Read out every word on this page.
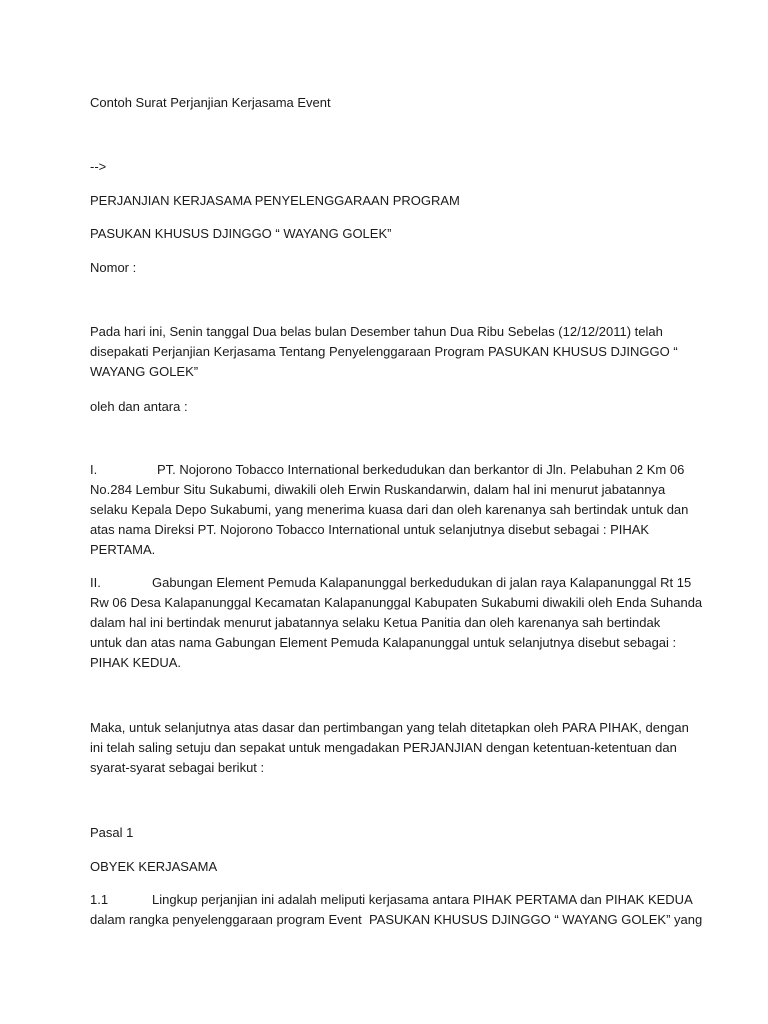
Contoh Surat Perjanjian Kerjasama Event
-->
PERJANJIAN KERJASAMA PENYELENGGARAAN PROGRAM
PASUKAN KHUSUS DJINGGO “ WAYANG GOLEK”
Nomor :
Pada hari ini, Senin tanggal Dua belas bulan Desember tahun Dua Ribu Sebelas (12/12/2011) telah
disepakati Perjanjian Kerjasama Tentang Penyelenggaraan Program PASUKAN KHUSUS DJINGGO “
WAYANG GOLEK”
oleh dan antara :
I.	PT. Nojorono Tobacco International berkedudukan dan berkantor di Jln. Pelabuhan 2 Km 06
No.284 Lembur Situ Sukabumi, diwakili oleh Erwin Ruskandarwin, dalam hal ini menurut jabatannya
selaku Kepala Depo Sukabumi, yang menerima kuasa dari dan oleh karenanya sah bertindak untuk dan
atas nama Direksi PT. Nojorono Tobacco International untuk selanjutnya disebut sebagai : PIHAK
PERTAMA.
II.	Gabungan Element Pemuda Kalapanunggal berkedudukan di jalan raya Kalapanunggal Rt 15
Rw 06 Desa Kalapanunggal Kecamatan Kalapanunggal Kabupaten Sukabumi diwakili oleh Enda Suhanda
dalam hal ini bertindak menurut jabatannya selaku Ketua Panitia dan oleh karenanya sah bertindak
untuk dan atas nama Gabungan Element Pemuda Kalapanunggal untuk selanjutnya disebut sebagai :
PIHAK KEDUA.
Maka, untuk selanjutnya atas dasar dan pertimbangan yang telah ditetapkan oleh PARA PIHAK, dengan
ini telah saling setuju dan sepakat untuk mengadakan PERJANJIAN dengan ketentuan-ketentuan dan
syarat-syarat sebagai berikut :
Pasal 1
OBYEK KERJASAMA
1.1	Lingkup perjanjian ini adalah meliputi kerjasama antara PIHAK PERTAMA dan PIHAK KEDUA
dalam rangka penyelenggaraan program Event  PASUKAN KHUSUS DJINGGO “ WAYANG GOLEK” yang
